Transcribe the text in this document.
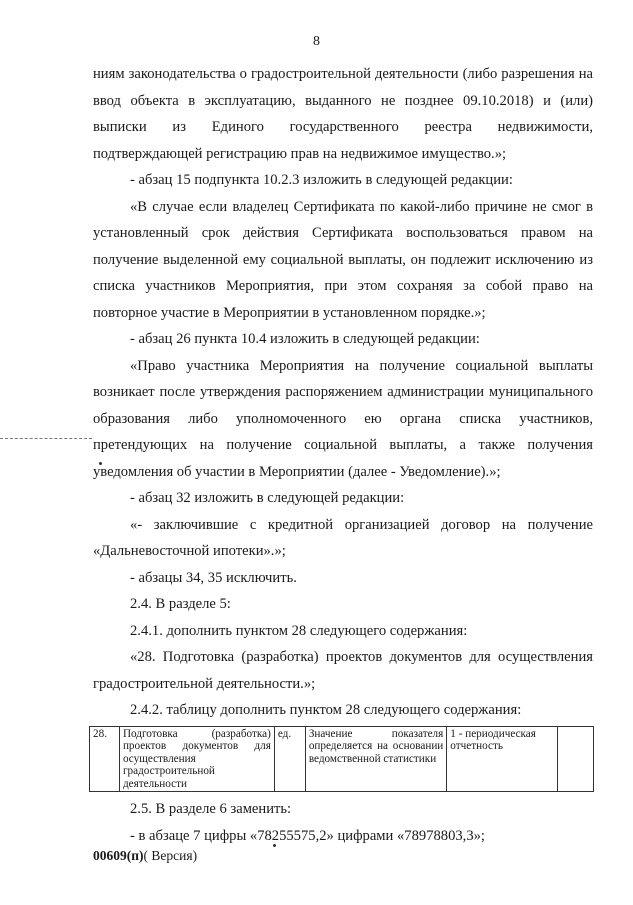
8

ниям законодательства о градостроительной деятельности (либо разрешения на ввод объекта в эксплуатацию, выданного не позднее 09.10.2018) и (или) выписки из Единого государственного реестра недвижимости, подтверждающей регистрацию прав на недвижимое имущество.»;

- абзац 15 подпункта 10.2.3 изложить в следующей редакции:

«В случае если владелец Сертификата по какой-либо причине не смог в установленный срок действия Сертификата воспользоваться правом на получение выделенной ему социальной выплаты, он подлежит исключению из списка участников Мероприятия, при этом сохраняя за собой право на повторное участие в Мероприятии в установленном порядке.»;

- абзац 26 пункта 10.4 изложить в следующей редакции:

«Право участника Мероприятия на получение социальной выплаты возникает после утверждения распоряжением администрации муниципального образования либо уполномоченного ею органа списка участников, претендующих на получение социальной выплаты, а также получения уведомления об участии в Мероприятии (далее - Уведомление).»;

- абзац 32 изложить в следующей редакции:

«- заключившие с кредитной организацией договор на получение «Дальневосточной ипотеки».»;

- абзацы 34, 35 исключить.

2.4. В разделе 5:

2.4.1. дополнить пунктом 28 следующего содержания:

«28. Подготовка (разработка) проектов документов для осуществления градостроительной деятельности.»;

2.4.2. таблицу дополнить пунктом 28 следующего содержания:

28.	Подготовка (разработка) проектов документов для осуществления градостроительной деятельности	ед.	Значение показателя определяется на основании ведомственной статистики	1 - периодическая отчетность	

2.5. В разделе 6 заменить:

- в абзаце 7 цифры «78255575,2» цифрами «78978803,3»;

00609(п)( Версия)
